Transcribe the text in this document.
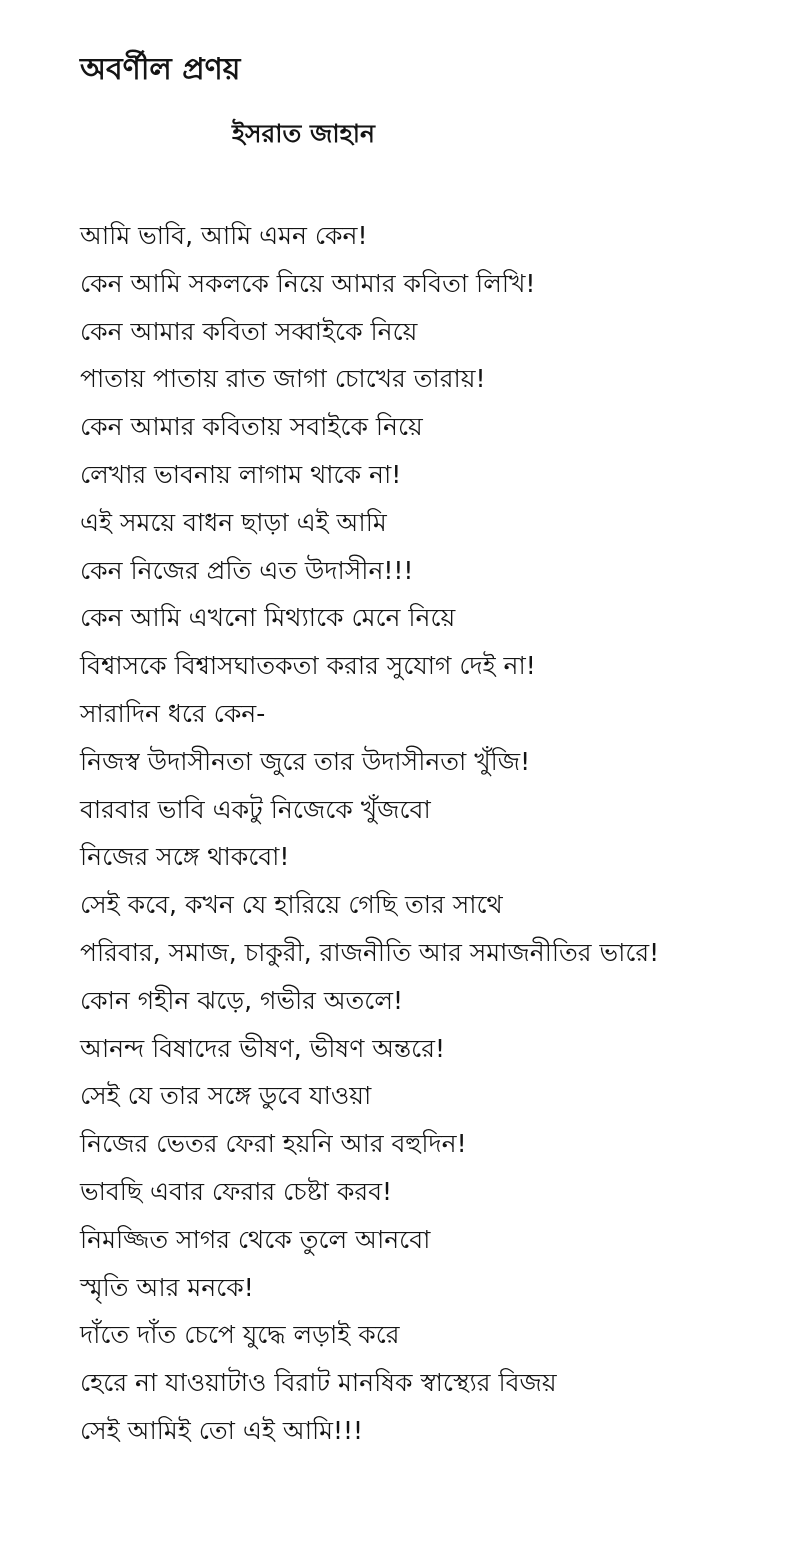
অবর্ণীল প্রণয়
ইসরাত জাহান
আমি ভাবি, আমি এমন কেন!
কেন আমি সকলকে নিয়ে আমার কবিতা লিখি!
কেন আমার কবিতা সব্বাইকে নিয়ে
পাতায় পাতায় রাত জাগা চোখের তারায়!
কেন আমার কবিতায় সবাইকে নিয়ে
লেখার ভাবনায় লাগাম থাকে না!
এই সময়ে বাধন ছাড়া এই আমি
কেন নিজের প্রতি এত উদাসীন!!!
কেন আমি এখনো মিথ্যাকে মেনে নিয়ে
বিশ্বাসকে বিশ্বাসঘাতকতা করার সুযোগ দেই না!
সারাদিন ধরে কেন-
নিজস্ব উদাসীনতা জুরে তার উদাসীনতা খুঁজি!
বারবার ভাবি একটু নিজেকে খুঁজবো
নিজের সঙ্গে থাকবো!
সেই কবে, কখন যে হারিয়ে গেছি তার সাথে
পরিবার, সমাজ, চাকুরী, রাজনীতি আর সমাজনীতির ভারে!
কোন গহীন ঝড়ে, গভীর অতলে!
আনন্দ বিষাদের ভীষণ, ভীষণ অন্তরে!
সেই যে তার সঙ্গে ডুবে যাওয়া
নিজের ভেতর ফেরা হয়নি আর বহুদিন!
ভাবছি এবার ফেরার চেষ্টা করব!
নিমজ্জিত সাগর থেকে তুলে আনবো
স্মৃতি আর মনকে!
দাঁতে দাঁত চেপে যুদ্ধে লড়াই করে
হেরে না যাওয়াটাও বিরাট মানষিক স্বাস্থ্যের বিজয়
সেই আমিই তো এই আমি!!!
